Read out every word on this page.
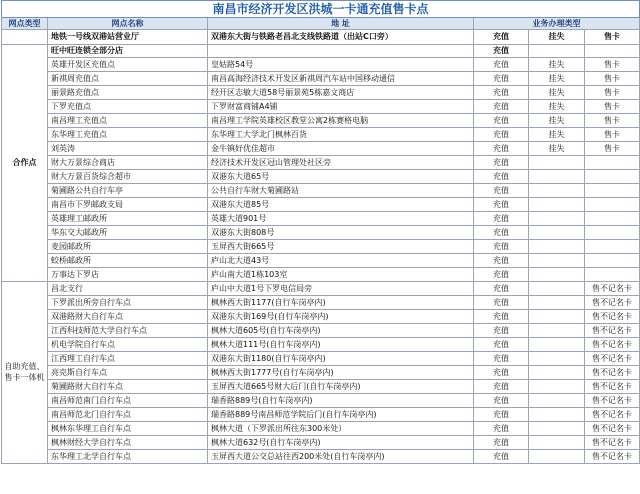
南昌市经济开发区洪城一卡通充值售卡点					
网点类型	网点名称	地 址	业务办理类型		
	地铁一号线双港站营业厅	双港东大街与铁路老昌北支线铁路道（出站C口旁）	充值	挂失	售卡
合作点	旺中旺连锁全部分店		充值		
	英雄开发区充值点	皇姑路54号	充值	挂失	售卡
	新祺周充值点	南昌高海经济技术开发区新祺周汽车站中国移动通信	充值	挂失	售卡
	丽景路充值点	经开区志敏大道58号丽景苑5栋嘉文商店	充值	挂失	售卡
	下罗充值点	下罗财富商铺A4铺	充值	挂失	售卡
	南昌理工充值点	南昌理工学院英雄校区教堂公寓2栋赛格电脑	充值	挂失	售卡
	东华理工充值点	东华理工大学北门枫林百货	充值	挂失	售卡
	刘英涛	金牛镇好优佳超市	充值	挂失	售卡
	财大万景综合商店	经济技术开发区冠山管理处社区旁	充值		
	财大万景百货综合超市	双港东大道65号	充值		
	菊圃路公共自行车亭	公共自行车财大菊圃路站	充值		
	南昌市下罗邮政支局	双港东大道85号	充值		
	英雄理工邮政所	英雄大道901号	充值		
	华东交大邮政所	双港东大街808号	充值		
	麦园邮政所	玉屏西大街665号	充值		
	蛟桥邮政所	庐山北大道43号	充值		
	万事达下罗店	庐山南大道1栋103室	充值		
自助充值、
售卡一体机	昌北支行	庐山中大道1号下罗电信局旁	充值		售不记名卡
	下罗派出所旁自行车点	枫林西大街1177(自行车岗亭内)	充值		售不记名卡
	双港路财大自行车点	双港东大街169号(自行车岗亭内)	充值		售不记名卡
	江西科技师范大学自行车点	枫林大道605号(自行车岗亭内)	充值		售不记名卡
	机电学院自行车点	枫林大道111号(自行车岗亭内)	充值		售不记名卡
	江西理工自行车点	双港东大街1180(自行车岗亭内)	充值		售不记名卡
	亮克斯自行车点	枫林西大街1777号(自行车岗亭内)	充值		售不记名卡
	菊圃路财大自行车点	玉屏西大道665号财大后门(自行车岗亭内)	充值		售不记名卡
	南昌师范南门自行车点	瑞香路889号(自行车岗亭内)	充值		售不记名卡
	南昌师范北门自行车点	瑞香路889号南昌师范学院后门(自行车岗亭内)	充值		售不记名卡
	枫林东华理工自行车点	枫林大道（下罗派出所往东300米处）	充值		售不记名卡
	枫林财经大学自行车点	枫林大道632号(自行车岗亭内)	充值		售不记名卡
	东华理工北学自行车点	玉屏西大道公交总站往西200米处(自行车岗亭内)	充值		售不记名卡
